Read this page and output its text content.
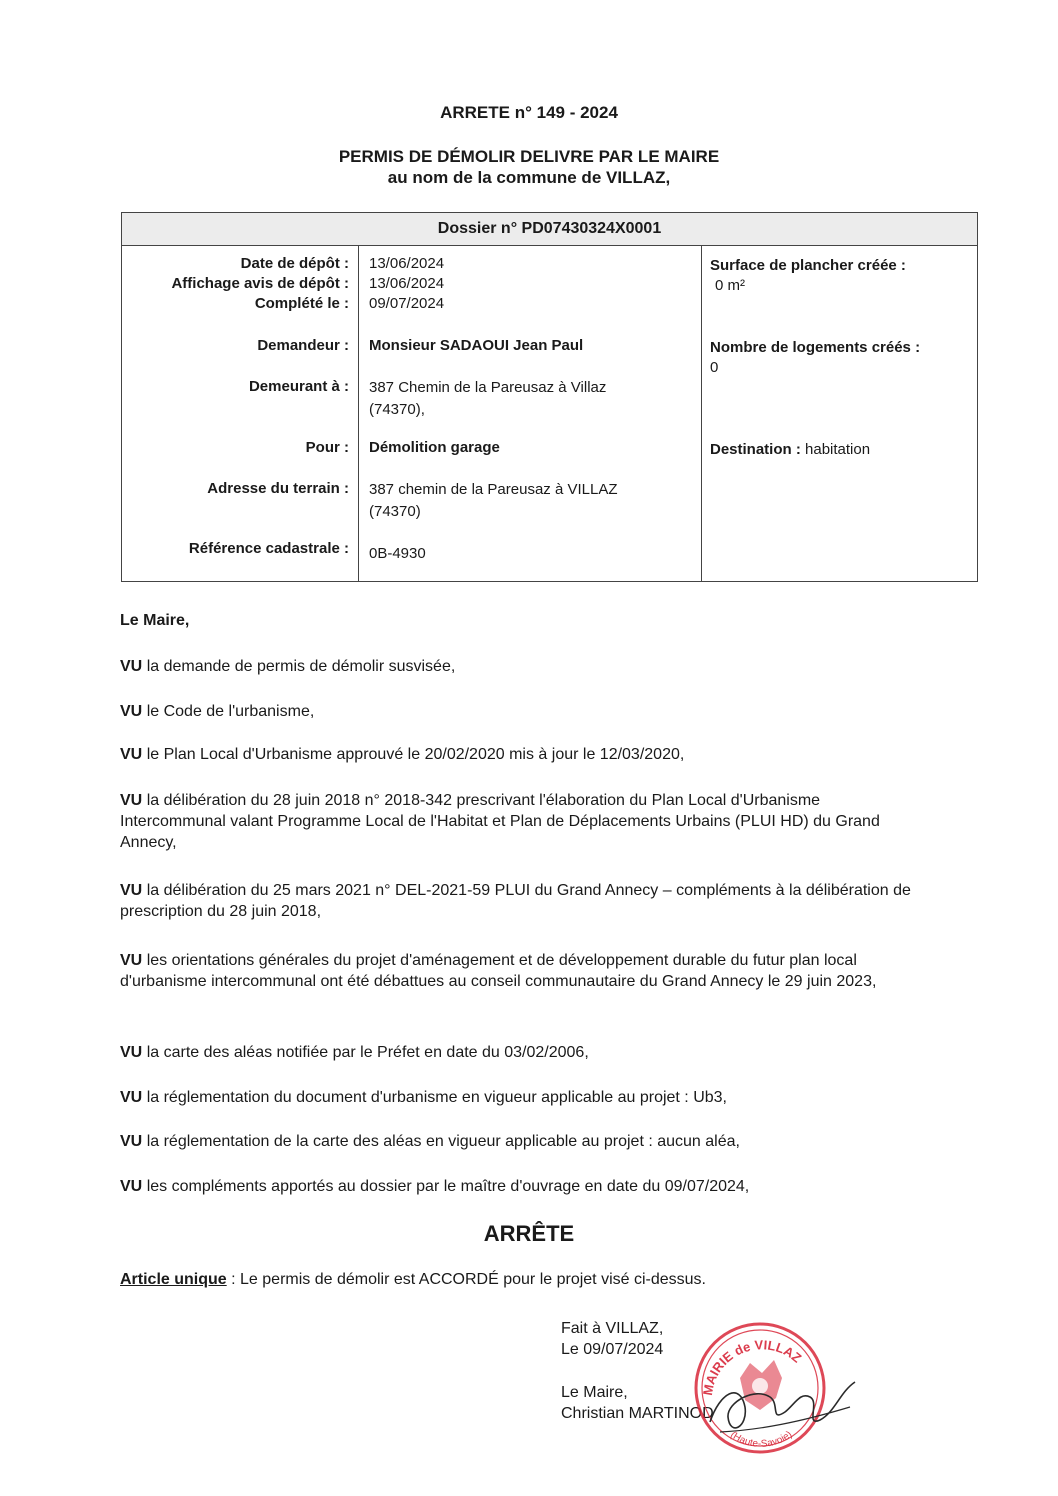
ARRETE n° 149 - 2024
PERMIS DE DÉMOLIR DELIVRE PAR LE MAIRE
au nom de la commune de VILLAZ,
Dossier n° PD07430324X0001
Date de dépôt :
Affichage avis de dépôt :
Complété le :
13/06/2024
13/06/2024
09/07/2024
Demandeur : Monsieur SADAOUI Jean Paul
Demeurant à : 387 Chemin de la Pareusaz à Villaz
(74370),
Pour : Démolition garage
Adresse du terrain : 387 chemin de la Pareusaz à VILLAZ
(74370)
Référence cadastrale : 0B-4930
Surface de plancher créée :
0 m²
Nombre de logements créés :
0
Destination : habitation
Le Maire,
VU la demande de permis de démolir susvisée,
VU le Code de l'urbanisme,
VU le Plan Local d'Urbanisme approuvé le 20/02/2020 mis à jour le 12/03/2020,
VU la délibération du 28 juin 2018 n° 2018-342 prescrivant l'élaboration du Plan Local d'Urbanisme Intercommunal valant Programme Local de l'Habitat et Plan de Déplacements Urbains (PLUI HD) du Grand Annecy,
VU la délibération du 25 mars 2021 n° DEL-2021-59 PLUI du Grand Annecy – compléments à la délibération de prescription du 28 juin 2018,
VU les orientations générales du projet d'aménagement et de développement durable du futur plan local d'urbanisme intercommunal ont été débattues au conseil communautaire du Grand Annecy le 29 juin 2023,
VU la carte des aléas notifiée par le Préfet en date du 03/02/2006,
VU la réglementation du document d'urbanisme en vigueur applicable au projet : Ub3,
VU la réglementation de la carte des aléas en vigueur applicable au projet : aucun aléa,
VU les compléments apportés au dossier par le maître d'ouvrage en date du 09/07/2024,
ARRÊTE
Article unique : Le permis de démolir est ACCORDÉ pour le projet visé ci-dessus.
Fait à VILLAZ,
Le 09/07/2024
Le Maire,
Christian MARTINOD
MAIRIE de VILLAZ
(Haute-Savoie)
